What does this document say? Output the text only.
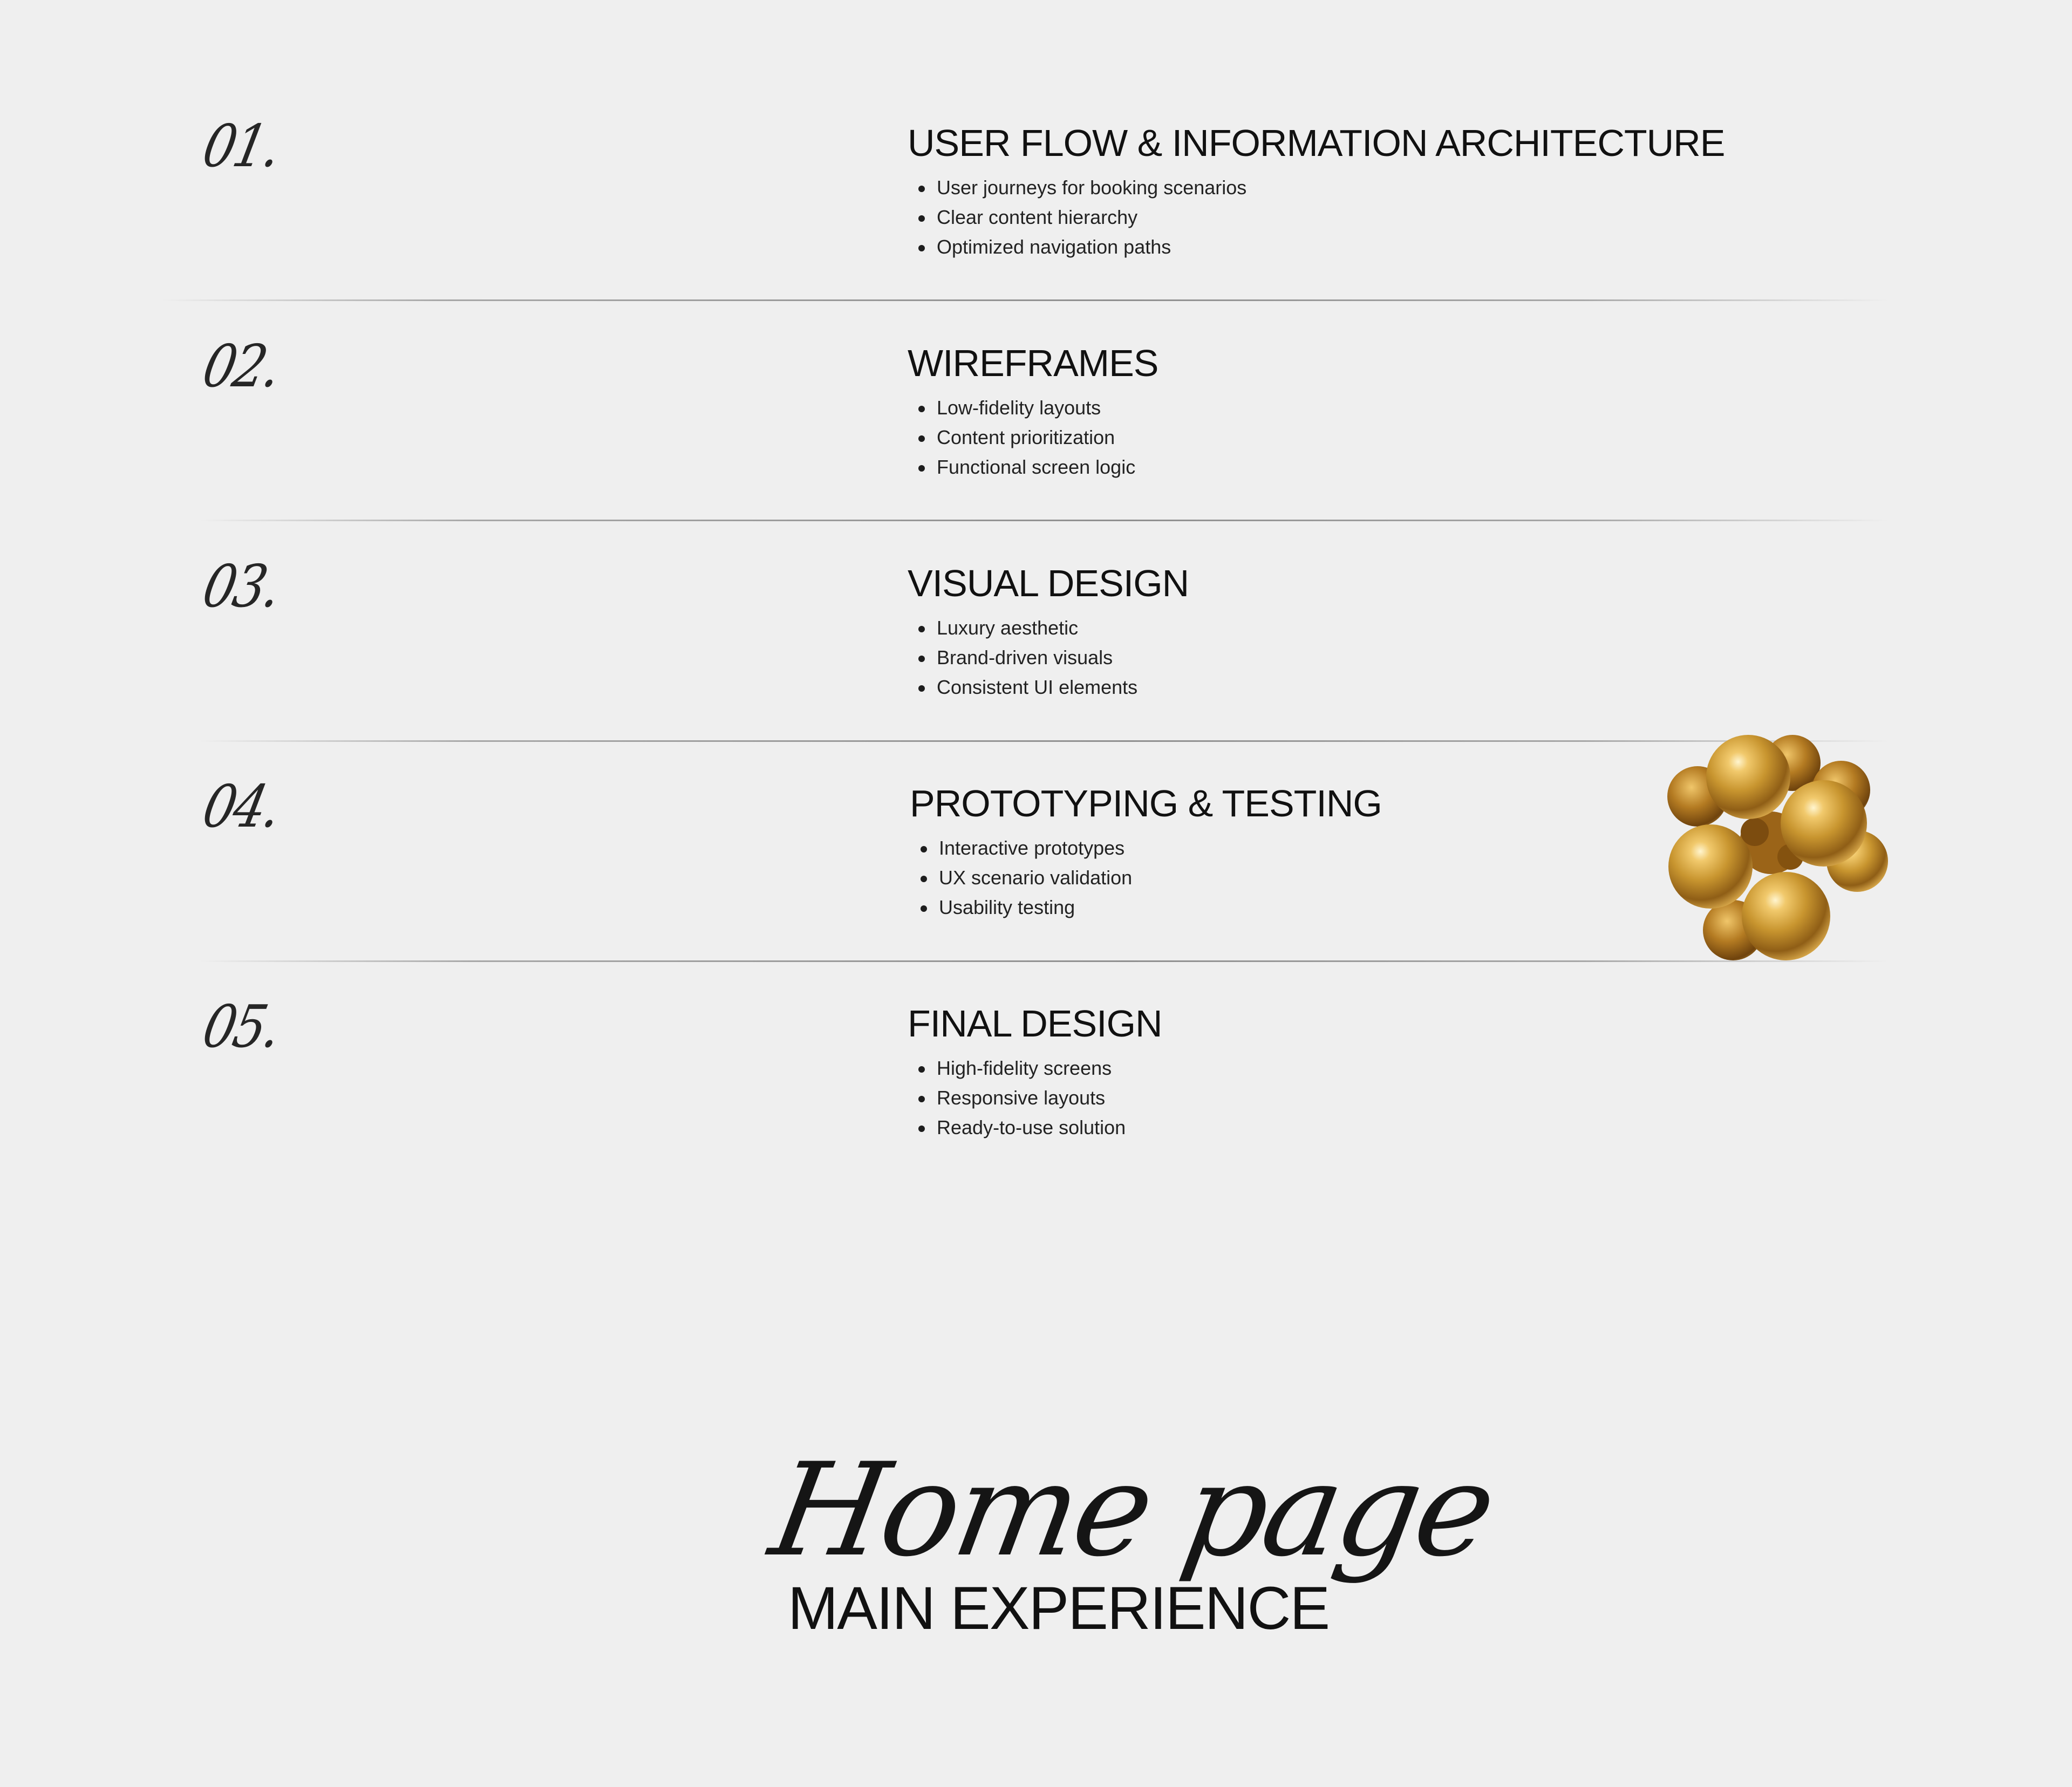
01.	USER FLOW & INFORMATION ARCHITECTURE
User journeys for booking scenarios
Clear content hierarchy
Optimized navigation paths
02.	WIREFRAMES
Low-fidelity layouts
Content prioritization
Functional screen logic
03.	VISUAL DESIGN
Luxury aesthetic
Brand-driven visuals
Consistent UI elements
04.	PROTOTYPING & TESTING
Interactive prototypes
UX scenario validation
Usability testing
05.	FINAL DESIGN
High-fidelity screens
Responsive layouts
Ready-to-use solution
Home page
MAIN EXPERIENCE
